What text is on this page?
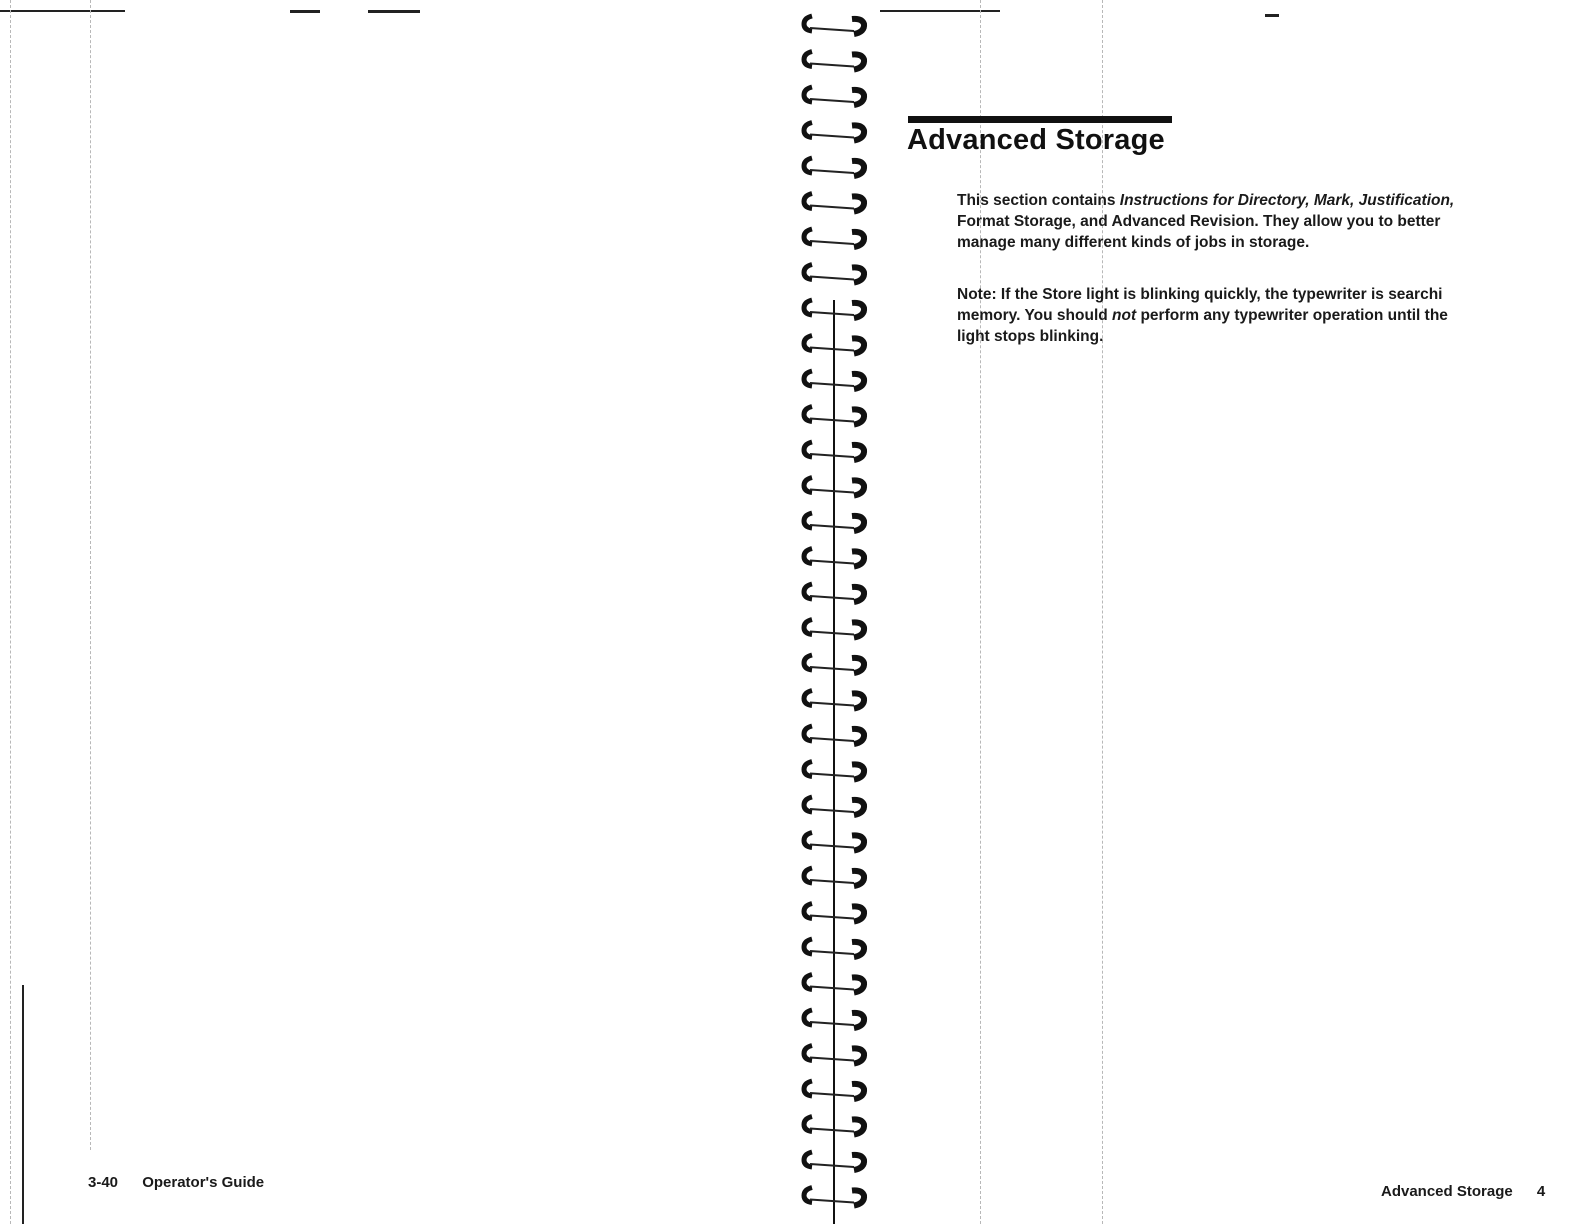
3-40 Operator's Guide
Advanced Storage

This section contains Instructions for Directory, Mark, Justification,
Format Storage, and Advanced Revision. They allow you to better
manage many different kinds of jobs in storage.

Note: If the Store light is blinking quickly, the typewriter is searchi
memory. You should not perform any typewriter operation until the
light stops blinking.

Advanced Storage 4
